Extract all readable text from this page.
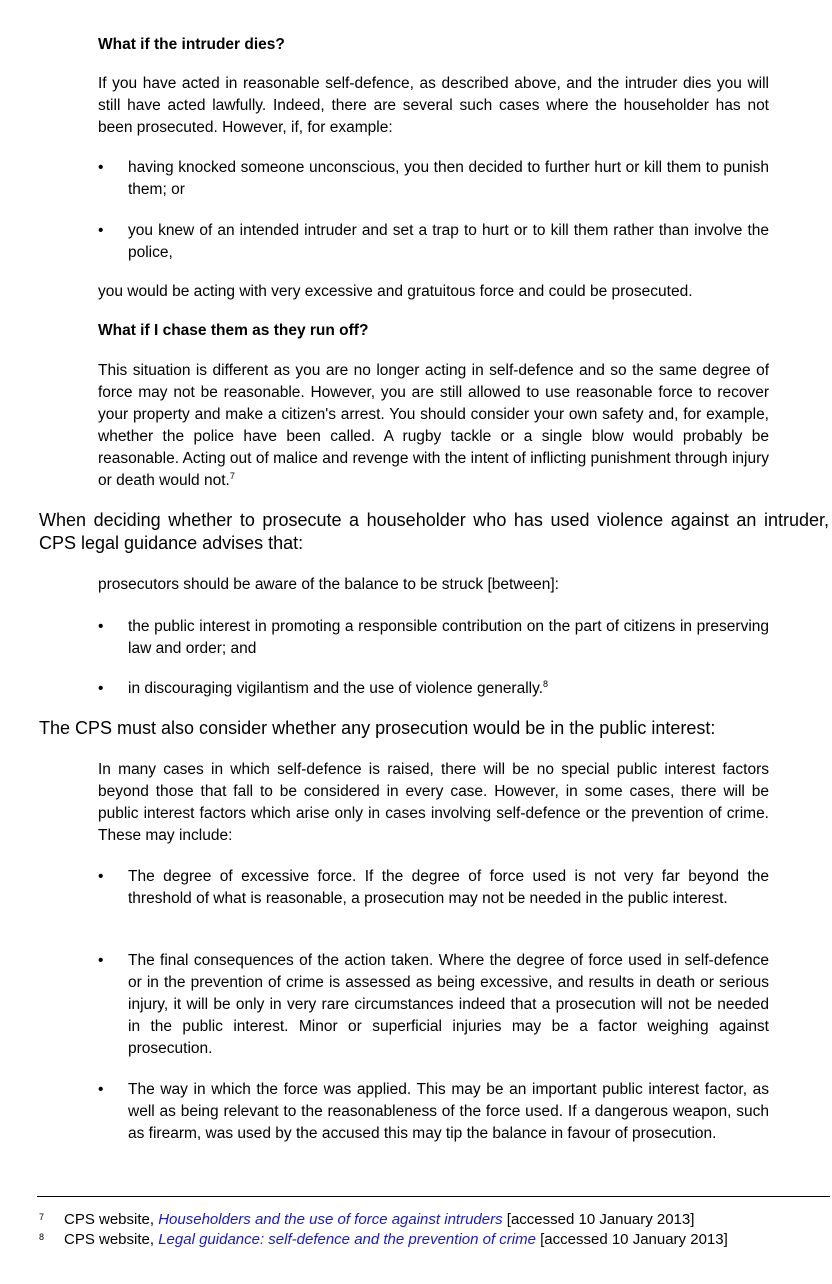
What if the intruder dies?
If you have acted in reasonable self-defence, as described above, and the intruder dies you will still have acted lawfully. Indeed, there are several such cases where the householder has not been prosecuted. However, if, for example:
• having knocked someone unconscious, you then decided to further hurt or kill them to punish them; or
• you knew of an intended intruder and set a trap to hurt or to kill them rather than involve the police,
you would be acting with very excessive and gratuitous force and could be prosecuted.
What if I chase them as they run off?
This situation is different as you are no longer acting in self-defence and so the same degree of force may not be reasonable. However, you are still allowed to use reasonable force to recover your property and make a citizen's arrest. You should consider your own safety and, for example, whether the police have been called. A rugby tackle or a single blow would probably be reasonable. Acting out of malice and revenge with the intent of inflicting punishment through injury or death would not.$^7$
When deciding whether to prosecute a householder who has used violence against an intruder, CPS legal guidance advises that:
prosecutors should be aware of the balance to be struck [between]:
• the public interest in promoting a responsible contribution on the part of citizens in preserving law and order; and
• in discouraging vigilantism and the use of violence generally.$^8$
The CPS must also consider whether any prosecution would be in the public interest:
In many cases in which self-defence is raised, there will be no special public interest factors beyond those that fall to be considered in every case. However, in some cases, there will be public interest factors which arise only in cases involving self-defence or the prevention of crime. These may include:
• The degree of excessive force. If the degree of force used is not very far beyond the threshold of what is reasonable, a prosecution may not be needed in the public interest.
• The final consequences of the action taken. Where the degree of force used in self-defence or in the prevention of crime is assessed as being excessive, and results in death or serious injury, it will be only in very rare circumstances indeed that a prosecution will not be needed in the public interest. Minor or superficial injuries may be a factor weighing against prosecution.
• The way in which the force was applied. This may be an important public interest factor, as well as being relevant to the reasonableness of the force used. If a dangerous weapon, such as firearm, was used by the accused this may tip the balance in favour of prosecution.
7 CPS website, Householders and the use of force against intruders [accessed 10 January 2013]
8 CPS website, Legal guidance: self-defence and the prevention of crime [accessed 10 January 2013]
